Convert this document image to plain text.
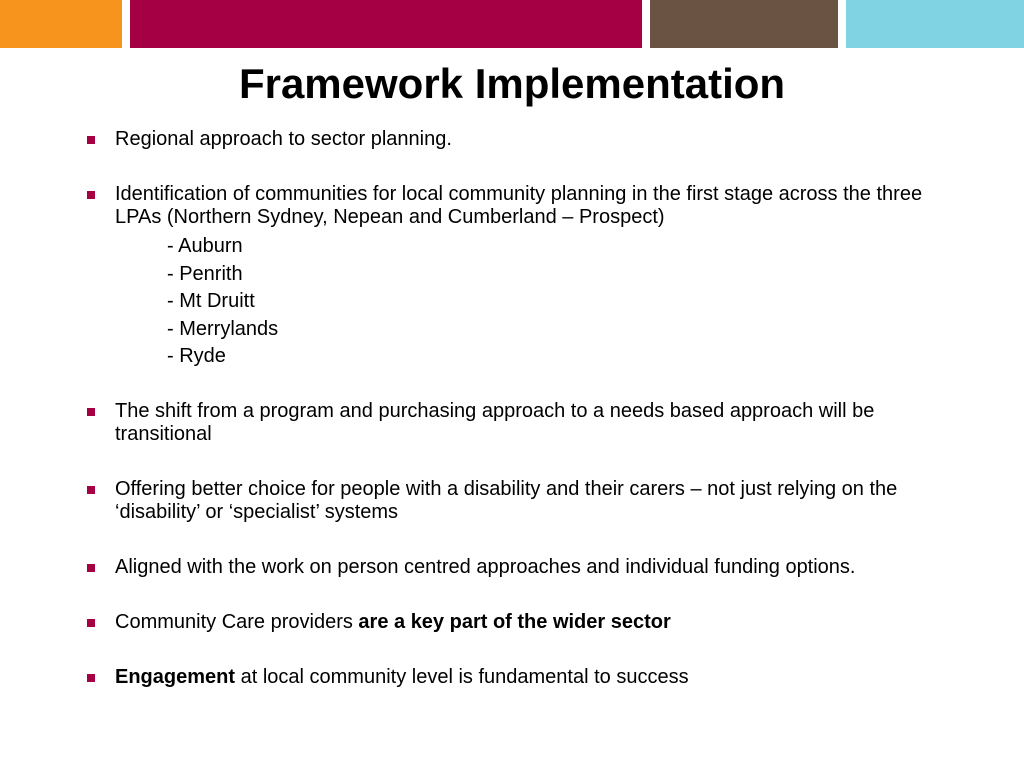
Framework Implementation
Regional approach to sector planning.
Identification of communities for local community planning in the first stage across the three LPAs (Northern Sydney, Nepean and Cumberland – Prospect)
- Auburn
- Penrith
- Mt Druitt
- Merrylands
- Ryde
The shift from a program and purchasing approach to a needs based approach will be transitional
Offering better choice for people with a disability and their carers – not just relying on the ‘disability’ or ‘specialist’ systems
Aligned with the work on person centred approaches and individual funding options.
Community Care providers are a key part of the wider sector
Engagement at local community level is fundamental to success
